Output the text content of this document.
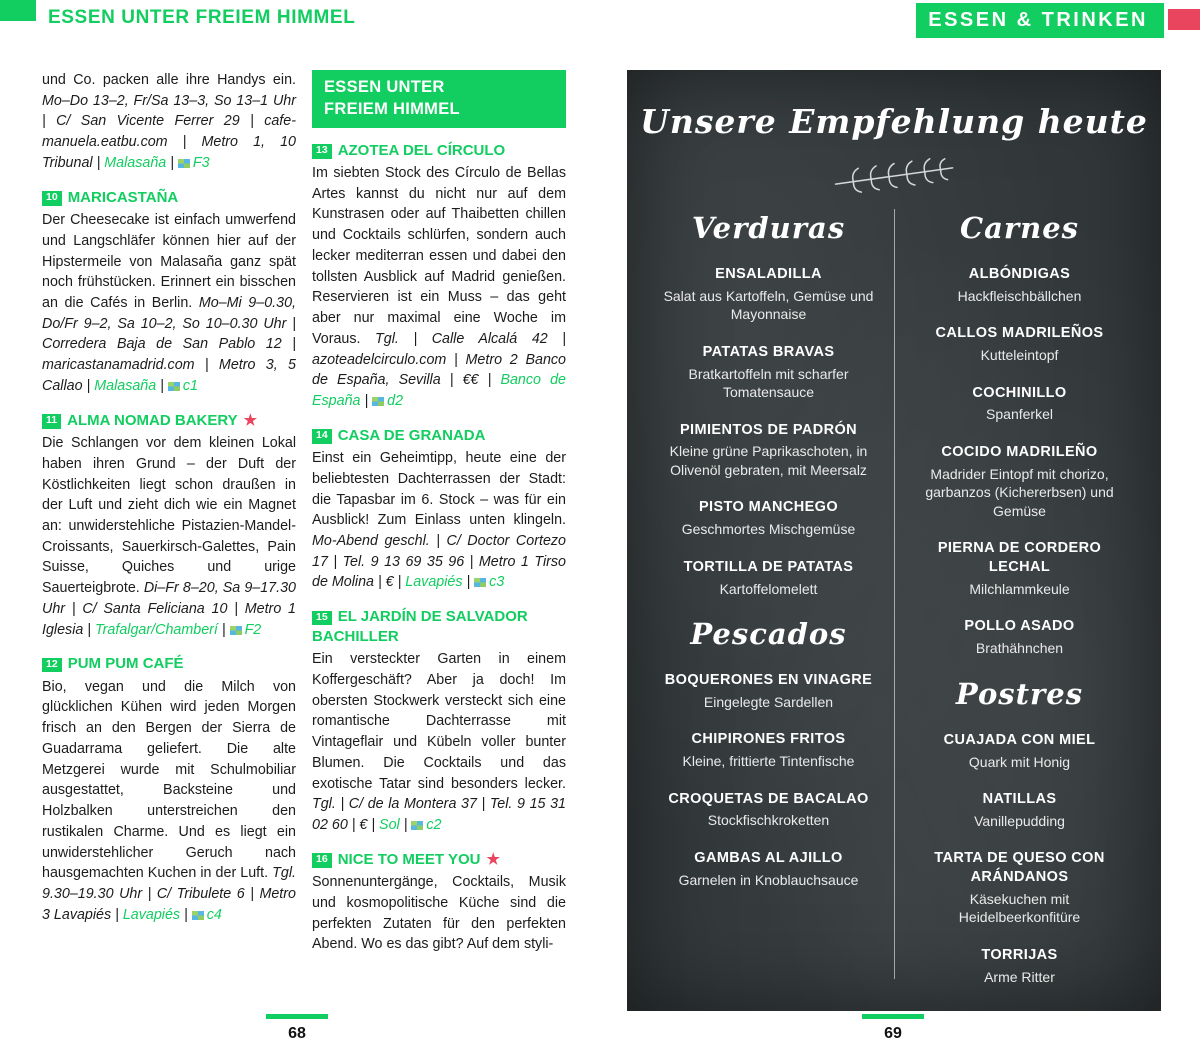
ESSEN UNTER FREIEM HIMMEL	ESSEN & TRINKEN

und Co. packen alle ihre Handys ein. Mo–Do 13–2, Fr/Sa 13–3, So 13–1 Uhr | C/ San Vicente Ferrer 29 | cafe-manuela.eatbu.com | Metro 1, 10 Tribunal | Malasaña | F3

10 MARICASTAÑA

Der Cheesecake ist einfach umwerfend und Langschläfer können hier auf der Hipstermeile von Malasaña ganz spät noch frühstücken. Erinnert ein bisschen an die Cafés in Berlin. Mo–Mi 9–0.30, Do/Fr 9–2, Sa 10–2, So 10–0.30 Uhr | Corredera Baja de San Pablo 12 | maricastanamadrid.com | Metro 3, 5 Callao | Malasaña | c1

11 ALMA NOMAD BAKERY ★

Die Schlangen vor dem kleinen Lokal haben ihren Grund – der Duft der Köstlichkeiten liegt schon draußen in der Luft und zieht dich wie ein Magnet an: unwiderstehliche Pistazien-Mandel-Croissants, Sauerkirsch-Galettes, Pain Suisse, Quiches und urige Sauerteigbrote. Di–Fr 8–20, Sa 9–17.30 Uhr | C/ Santa Feliciana 10 | Metro 1 Iglesia | Trafalgar/Chamberí | F2

12 PUM PUM CAFÉ

Bio, vegan und die Milch von glücklichen Kühen wird jeden Morgen frisch an den Bergen der Sierra de Guadarrama geliefert. Die alte Metzgerei wurde mit Schulmobiliar ausgestattet, Backsteine und Holzbalken unterstreichen den rustikalen Charme. Und es liegt ein unwiderstehlicher Geruch nach hausgemachten Kuchen in der Luft. Tgl. 9.30–19.30 Uhr | C/ Tribulete 6 | Metro 3 Lavapiés | Lavapiés | c4

ESSEN UNTER
FREIEM HIMMEL
13 AZOTEA DEL CÍRCULO

Im siebten Stock des Círculo de Bellas Artes kannst du nicht nur auf dem Kunstrasen oder auf Thaibetten chillen und Cocktails schlürfen, sondern auch lecker mediterran essen und dabei den tollsten Ausblick auf Madrid genießen. Reservieren ist ein Muss – das geht aber nur maximal eine Woche im Voraus. Tgl. | Calle Alcalá 42 | azoteadelcirculo.com | Metro 2 Banco de España, Sevilla | €€ | Banco de España | d2

14 CASA DE GRANADA

Einst ein Geheimtipp, heute eine der beliebtesten Dachterrassen der Stadt: die Tapasbar im 6. Stock – was für ein Ausblick! Zum Einlass unten klingeln. Mo-Abend geschl. | C/ Doctor Cortezo 17 | Tel. 9 13 69 35 96 | Metro 1 Tirso de Molina | € | Lavapiés | c3

15 EL JARDÍN DE SALVADOR BACHILLER

Ein versteckter Garten in einem Koffergeschäft? Aber ja doch! Im obersten Stockwerk versteckt sich eine romantische Dachterrasse mit Vintageflair und Kübeln voller bunter Blumen. Die Cocktails und das exotische Tatar sind besonders lecker. Tgl. | C/ de la Montera 37 | Tel. 9 15 31 02 60 | € | Sol | c2

16 NICE TO MEET YOU ★

Sonnenuntergänge, Cocktails, Musik und kosmopolitische Küche sind die perfekten Zutaten für den perfekten Abend. Wo es das gibt? Auf dem styli-

Unsere Empfehlung heute
Verduras
ENSALADILLA
Salat aus Kartoffeln, Gemüse und Mayonnaise
PATATAS BRAVAS
Bratkartoffeln mit scharfer Tomatensauce
PIMIENTOS DE PADRÓN
Kleine grüne Paprikaschoten, in Olivenöl gebraten, mit Meersalz
PISTO MANCHEGO
Geschmortes Mischgemüse
TORTILLA DE PATATAS
Kartoffelomelett
Pescados
BOQUERONES EN VINAGRE
Eingelegte Sardellen
CHIPIRONES FRITOS
Kleine, frittierte Tintenfische
CROQUETAS DE BACALAO
Stockfischkroketten
GAMBAS AL AJILLO
Garnelen in Knoblauchsauce
Carnes
ALBÓNDIGAS
Hackfleischbällchen
CALLOS MADRILEÑOS
Kutteleintopf
COCHINILLO
Spanferkel
COCIDO MADRILEÑO
Madrider Eintopf mit chorizo, garbanzos (Kichererbsen) und Gemüse
PIERNA DE CORDERO LECHAL
Milchlammkeule
POLLO ASADO
Brathähnchen
Postres
CUAJADA CON MIEL
Quark mit Honig
NATILLAS
Vanillepudding
TARTA DE QUESO CON ARÁNDANOS
Käsekuchen mit Heidelbeerkonfitüre
TORRIJAS
Arme Ritter
68	69
